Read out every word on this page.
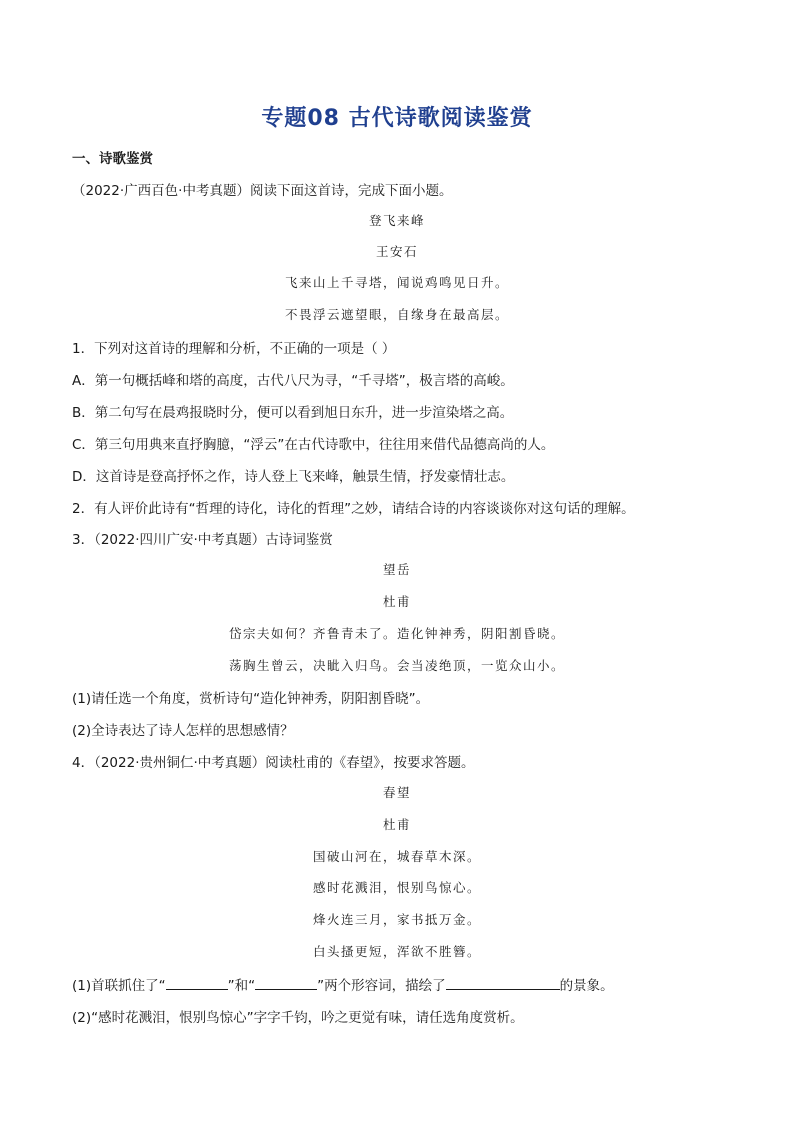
专题08 古代诗歌阅读鉴赏
一、诗歌鉴赏
（2022·广西百色·中考真题）阅读下面这首诗，完成下面小题。
登飞来峰
王安石
飞来山上千寻塔，闻说鸡鸣见日升。
不畏浮云遮望眼，自缘身在最高层。
1．下列对这首诗的理解和分析，不正确的一项是（ ）
A．第一句概括峰和塔的高度，古代八尺为寻，“千寻塔”，极言塔的高峻。
B．第二句写在晨鸡报晓时分，便可以看到旭日东升，进一步渲染塔之高。
C．第三句用典来直抒胸臆，“浮云”在古代诗歌中，往往用来借代品德高尚的人。
D．这首诗是登高抒怀之作，诗人登上飞来峰，触景生情，抒发豪情壮志。
2．有人评价此诗有“哲理的诗化，诗化的哲理”之妙，请结合诗的内容谈谈你对这句话的理解。
3．（2022·四川广安·中考真题）古诗词鉴赏
望岳
杜甫
岱宗夫如何？齐鲁青未了。造化钟神秀，阴阳割昏晓。
荡胸生曾云，决眦入归鸟。会当凌绝顶，一览众山小。
(1)请任选一个角度，赏析诗句“造化钟神秀，阴阳割昏晓”。
(2)全诗表达了诗人怎样的思想感情？
4．（2022·贵州铜仁·中考真题）阅读杜甫的《春望》，按要求答题。
春望
杜甫
国破山河在，城春草木深。
感时花溅泪，恨别鸟惊心。
烽火连三月，家书抵万金。
白头搔更短，浑欲不胜簪。
(1)首联抓住了“	”和“	”两个形容词，描绘了	的景象。
(2)“感时花溅泪，恨别鸟惊心”字字千钧，吟之更觉有味，请任选角度赏析。
